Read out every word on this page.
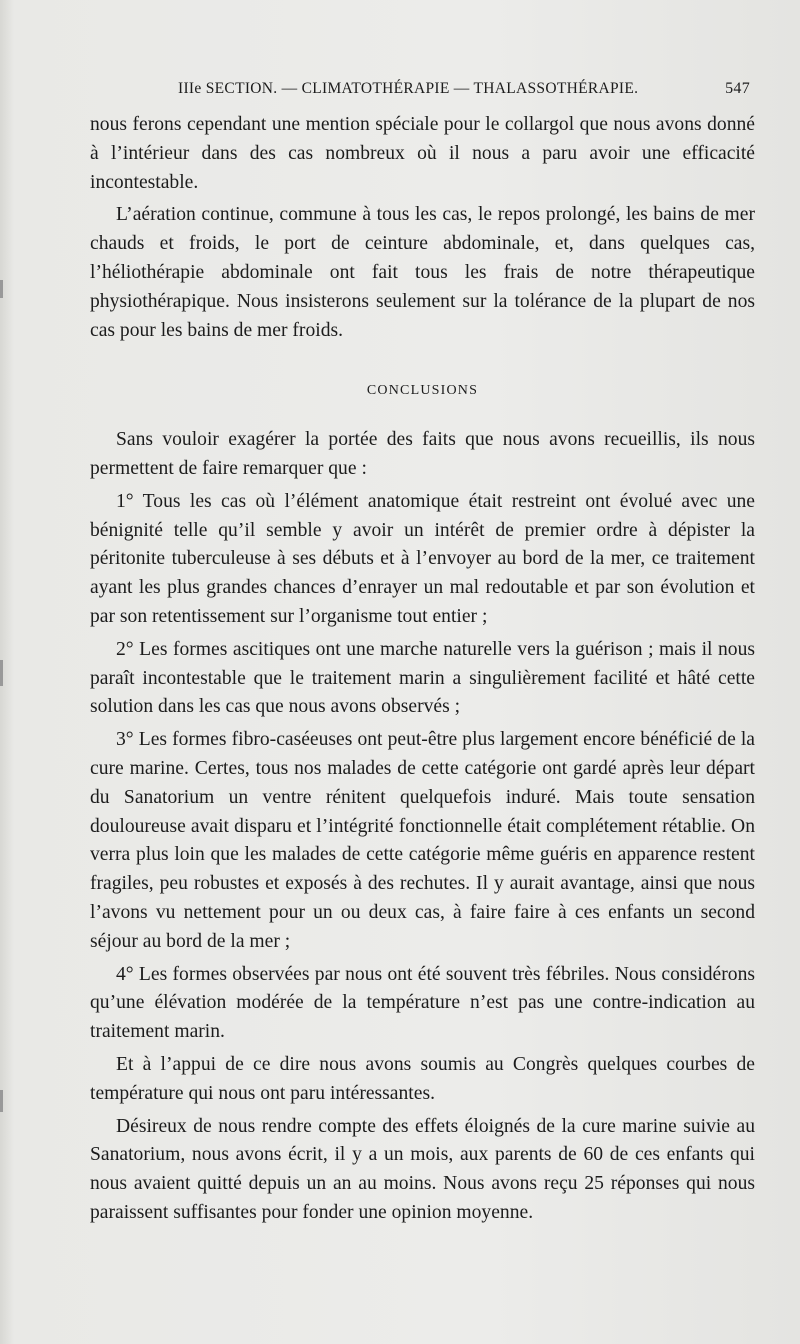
IIIe SECTION. — CLIMATOTHÉRAPIE — THALASSOTHÉRAPIE.	547

nous ferons cependant une mention spéciale pour le collargol que nous avons donné à l’intérieur dans des cas nombreux où il nous a paru avoir une efficacité incontestable.

L’aération continue, commune à tous les cas, le repos prolongé, les bains de mer chauds et froids, le port de ceinture abdominale, et, dans quelques cas, l’héliothérapie abdominale ont fait tous les frais de notre thérapeutique physiothérapique. Nous insisterons seulement sur la tolérance de la plupart de nos cas pour les bains de mer froids.

CONCLUSIONS

Sans vouloir exagérer la portée des faits que nous avons recueillis, ils nous permettent de faire remarquer que :

1° Tous les cas où l’élément anatomique était restreint ont évolué avec une bénignité telle qu’il semble y avoir un intérêt de premier ordre à dépister la péritonite tuberculeuse à ses débuts et à l’envoyer au bord de la mer, ce traitement ayant les plus grandes chances d’enrayer un mal redoutable et par son évolution et par son retentissement sur l’organisme tout entier ;

2° Les formes ascitiques ont une marche naturelle vers la guérison ; mais il nous paraît incontestable que le traitement marin a singulièrement facilité et hâté cette solution dans les cas que nous avons observés ;

3° Les formes fibro-caséeuses ont peut-être plus largement encore bénéficié de la cure marine. Certes, tous nos malades de cette catégorie ont gardé après leur départ du Sanatorium un ventre rénitent quelquefois induré. Mais toute sensation douloureuse avait disparu et l’intégrité fonctionnelle était complétement rétablie. On verra plus loin que les malades de cette catégorie même guéris en apparence restent fragiles, peu robustes et exposés à des rechutes. Il y aurait avantage, ainsi que nous l’avons vu nettement pour un ou deux cas, à faire faire à ces enfants un second séjour au bord de la mer ;

4° Les formes observées par nous ont été souvent très fébriles. Nous considérons qu’une élévation modérée de la température n’est pas une contre-indication au traitement marin.

Et à l’appui de ce dire nous avons soumis au Congrès quelques courbes de température qui nous ont paru intéressantes.

Désireux de nous rendre compte des effets éloignés de la cure marine suivie au Sanatorium, nous avons écrit, il y a un mois, aux parents de 60 de ces enfants qui nous avaient quitté depuis un an au moins. Nous avons reçu 25 réponses qui nous paraissent suffisantes pour fonder une opinion moyenne.
